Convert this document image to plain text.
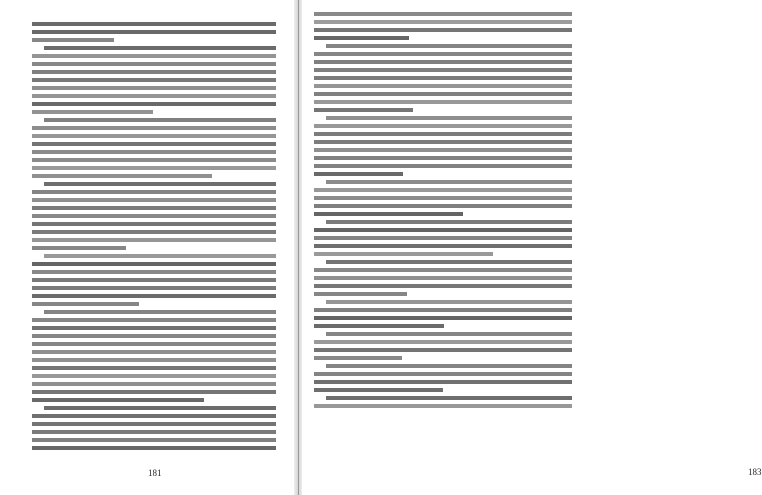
181	183
